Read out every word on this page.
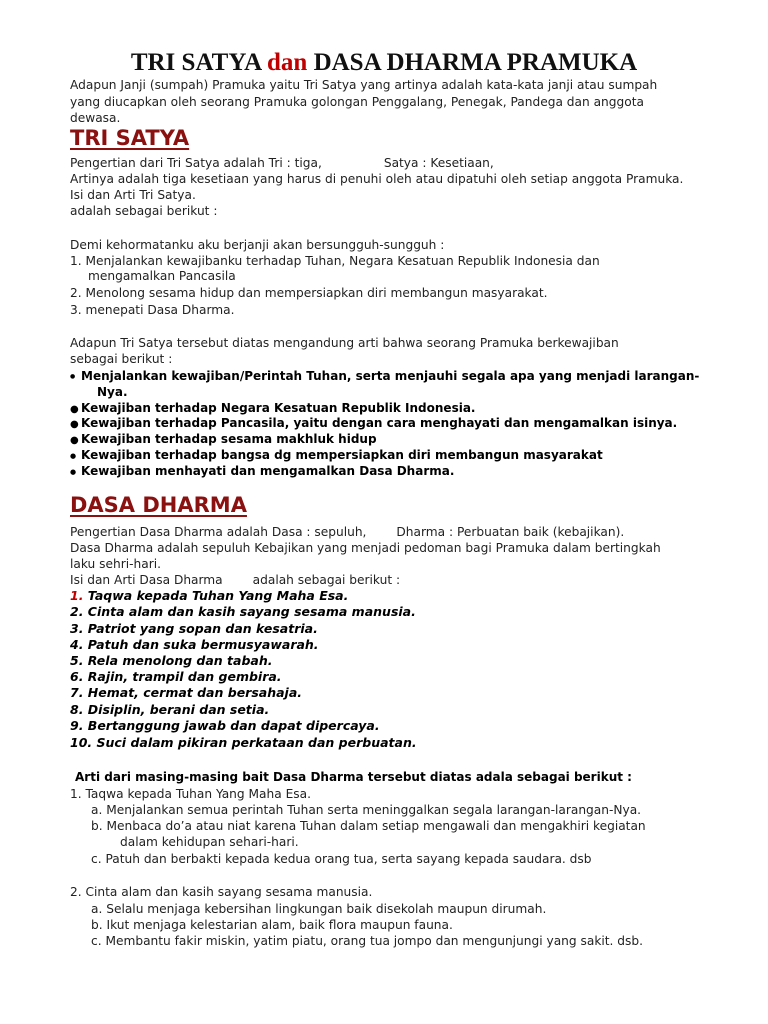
TRI SATYA dan DASA DHARMA PRAMUKA
Adapun Janji (sumpah) Pramuka yaitu Tri Satya yang artinya adalah kata-kata janji atau sumpah
yang diucapkan oleh seorang Pramuka golongan Penggalang, Penegak, Pandega dan anggota
dewasa.
TRI SATYA
Pengertian dari Tri Satya adalah Tri : tiga,	Satya : Kesetiaan,
Artinya adalah tiga kesetiaan yang harus di penuhi oleh atau dipatuhi oleh setiap anggota Pramuka.
Isi dan Arti Tri Satya.
adalah sebagai berikut :
Demi kehormatanku aku berjanji akan bersungguh-sungguh :
1. Menjalankan kewajibanku terhadap Tuhan, Negara Kesatuan Republik Indonesia dan
mengamalkan Pancasila
2. Menolong sesama hidup dan mempersiapkan diri membangun masyarakat.
3. menepati Dasa Dharma.
Adapun Tri Satya tersebut diatas mengandung arti bahwa seorang Pramuka berkewajiban
sebagai berikut :
● Menjalankan kewajiban/Perintah Tuhan, serta menjauhi segala apa yang menjadi larangan-
Nya.
● Kewajiban terhadap Negara Kesatuan Republik Indonesia.
● Kewajiban terhadap Pancasila, yaitu dengan cara menghayati dan mengamalkan isinya.
● Kewajiban terhadap sesama makhluk hidup
● Kewajiban terhadap bangsa dg mempersiapkan diri membangun masyarakat
● Kewajiban menhayati dan mengamalkan Dasa Dharma.
DASA DHARMA
Pengertian Dasa Dharma adalah Dasa : sepuluh, Dharma : Perbuatan baik (kebajikan).
Dasa Dharma adalah sepuluh Kebajikan yang menjadi pedoman bagi Pramuka dalam bertingkah
laku sehri-hari.
Isi dan Arti Dasa Dharma adalah sebagai berikut :
1. Taqwa kepada Tuhan Yang Maha Esa.
2. Cinta alam dan kasih sayang sesama manusia.
3. Patriot yang sopan dan kesatria.
4. Patuh dan suka bermusyawarah.
5. Rela menolong dan tabah.
6. Rajin, trampil dan gembira.
7. Hemat, cermat dan bersahaja.
8. Disiplin, berani dan setia.
9. Bertanggung jawab dan dapat dipercaya.
10. Suci dalam pikiran perkataan dan perbuatan.
Arti dari masing-masing bait Dasa Dharma tersebut diatas adala sebagai berikut :
1. Taqwa kepada Tuhan Yang Maha Esa.
a. Menjalankan semua perintah Tuhan serta meninggalkan segala larangan-larangan-Nya.
b. Menbaca do’a atau niat karena Tuhan dalam setiap mengawali dan mengakhiri kegiatan
dalam kehidupan sehari-hari.
c. Patuh dan berbakti kepada kedua orang tua, serta sayang kepada saudara. dsb
2. Cinta alam dan kasih sayang sesama manusia.
a. Selalu menjaga kebersihan lingkungan baik disekolah maupun dirumah.
b. Ikut menjaga kelestarian alam, baik flora maupun fauna.
c. Membantu fakir miskin, yatim piatu, orang tua jompo dan mengunjungi yang sakit. dsb.
